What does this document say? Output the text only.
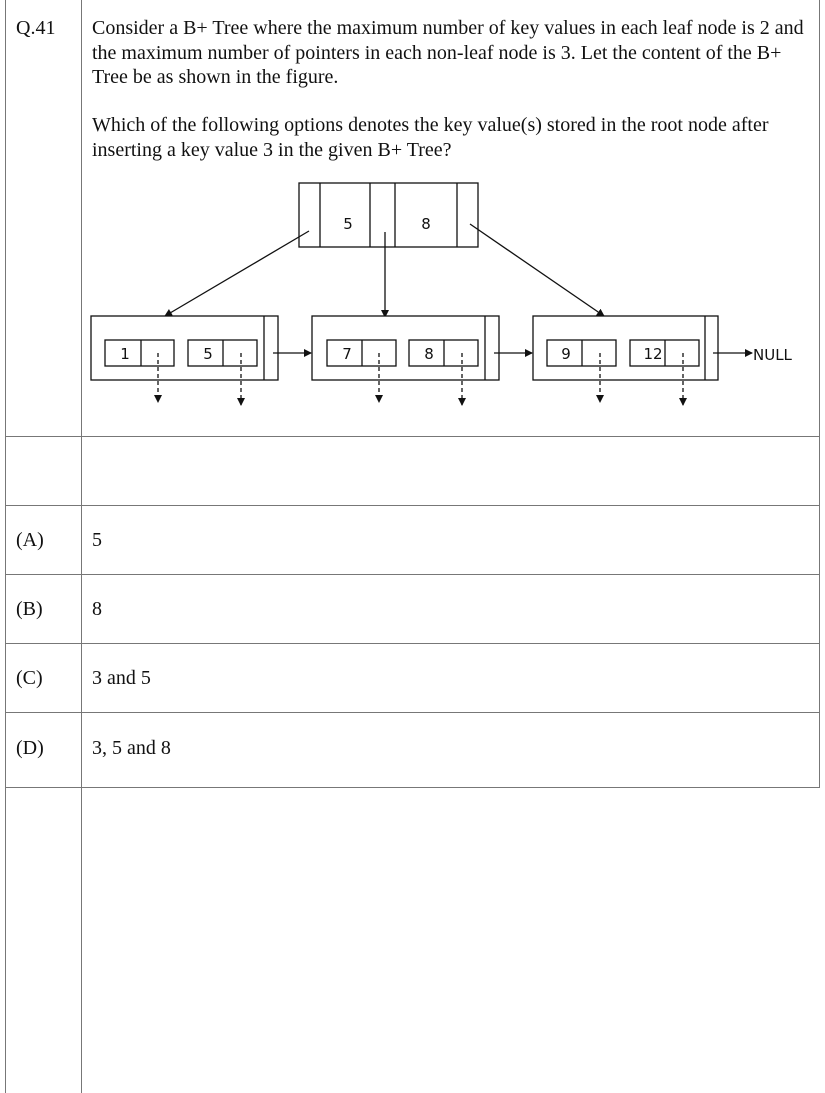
Q.41 Consider a B+ Tree where the maximum number of key values in each leaf node is 2 and the maximum number of pointers in each non-leaf node is 3. Let the content of the B+ Tree be as shown in the figure.
Which of the following options denotes the key value(s) stored in the root node after inserting a key value 3 in the given B+ Tree?
5	8
1	5	7	8	9	12	NULL
(A) 5
(B) 8
(C) 3 and 5
(D) 3, 5 and 8
